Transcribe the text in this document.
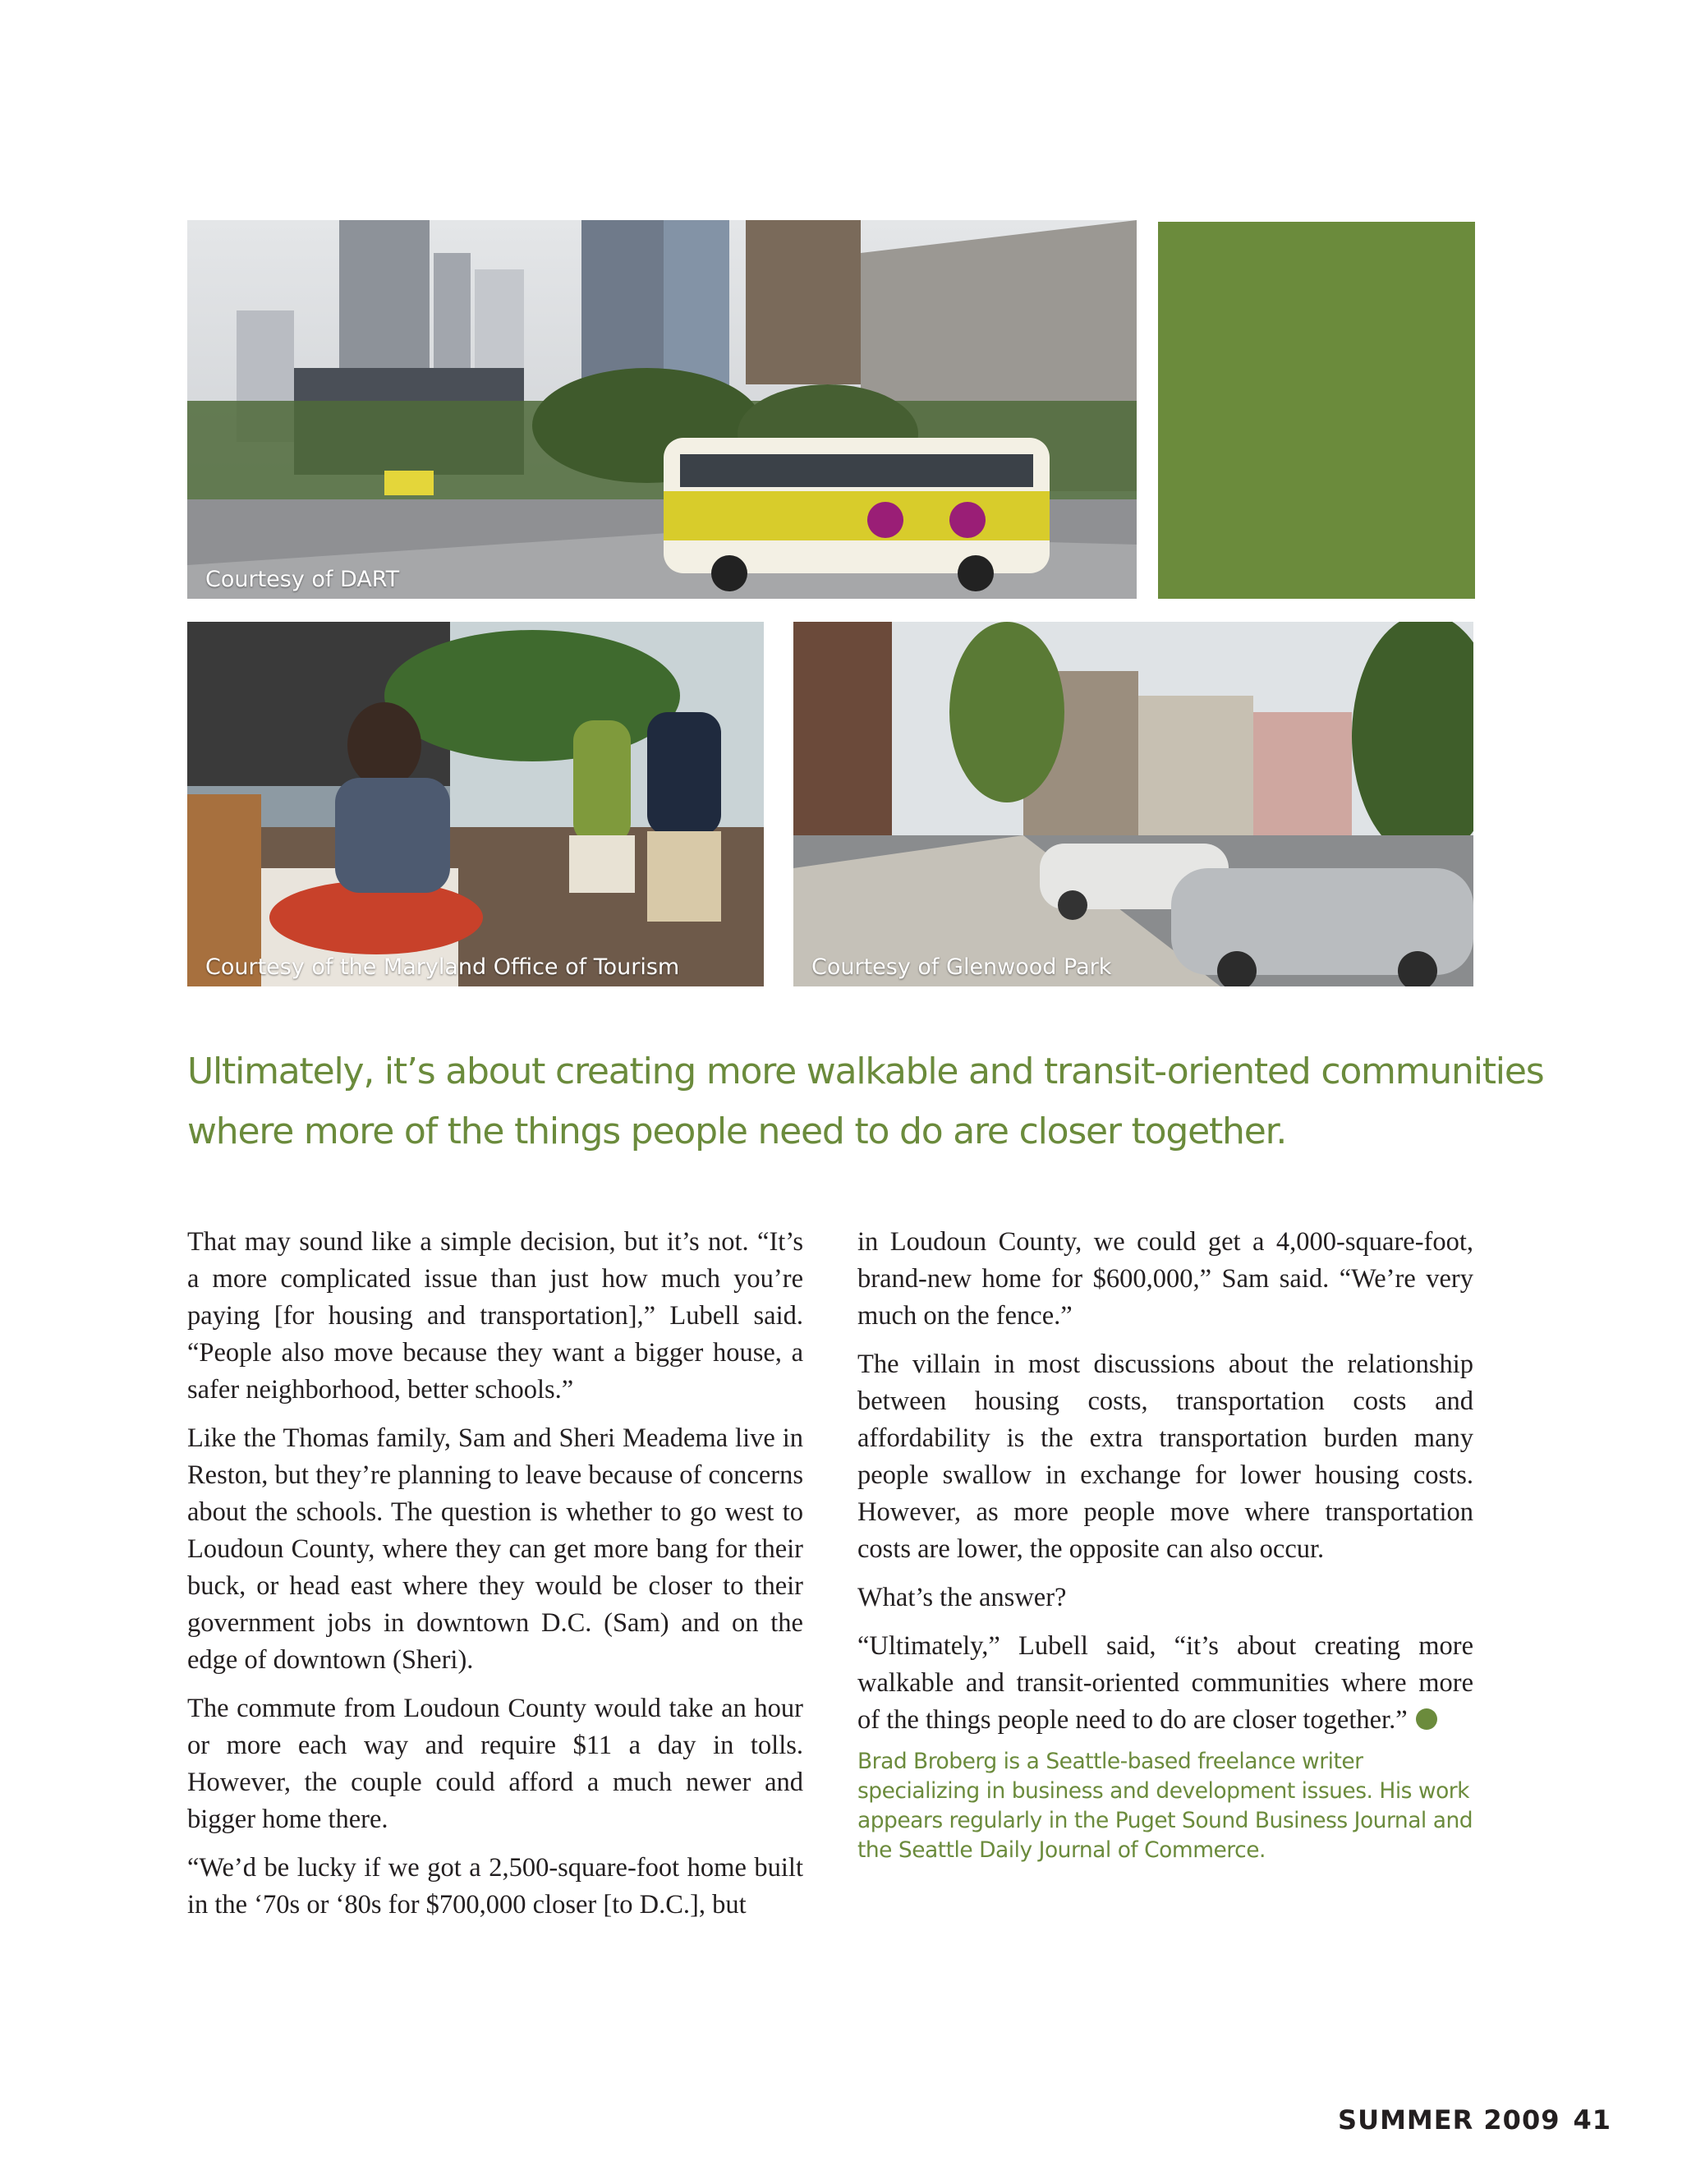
Courtesy of DART
Courtesy of the Maryland Office of Tourism	Courtesy of Glenwood Park
Ultimately, it’s about creating more walkable and transit-oriented communities where more of the things people need to do are closer together.

That may sound like a simple decision, but it’s not. “It’s a more complicated issue than just how much you’re paying [for housing and transportation],” Lubell said. “People also move because they want a bigger house, a safer neighborhood, better schools.”

Like the Thomas family, Sam and Sheri Meadema live in Reston, but they’re planning to leave because of concerns about the schools. The question is whether to go west to Loudoun County, where they can get more bang for their buck, or head east where they would be closer to their government jobs in downtown D.C. (Sam) and on the edge of downtown (Sheri).

The commute from Loudoun County would take an hour or more each way and require $11 a day in tolls. However, the couple could afford a much newer and bigger home there.

“We’d be lucky if we got a 2,500-square-foot home built in the ‘70s or ‘80s for $700,000 closer [to D.C.], but

in Loudoun County, we could get a 4,000-square-foot, brand-new home for $600,000,” Sam said. “We’re very much on the fence.”

The villain in most discussions about the relationship between housing costs, transportation costs and affordability is the extra transportation burden many people swallow in exchange for lower housing costs. However, as more people move where transportation costs are lower, the opposite can also occur.

What’s the answer?

“Ultimately,” Lubell said, “it’s about creating more walkable and transit-oriented communities where more of the things people need to do are closer together.”

Brad Broberg is a Seattle-based freelance writer specializing in business and development issues. His work appears regularly in the Puget Sound Business Journal and the Seattle Daily Journal of Commerce.
SUMMER 2009 41
